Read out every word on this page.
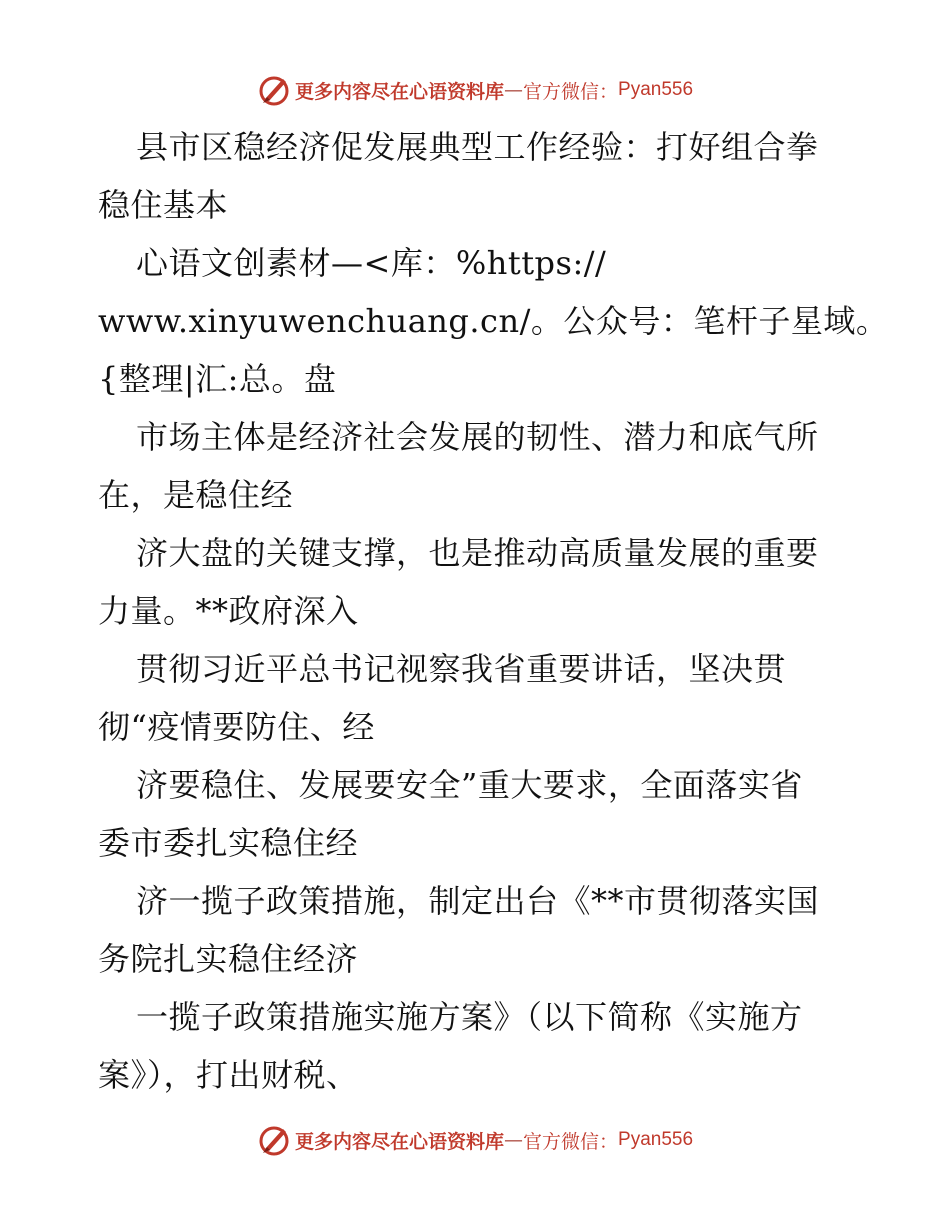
更多内容尽在心语资料库 — 官方微信 ： Pyan556

县市区稳经济促发展典型工作经验：打好组合拳
稳住基本

心语文创素材—<库：%https://
www.xinyuwenchuang.cn/。公众号：笔杆子星域。
{整理|汇:总。盘

市场主体是经济社会发展的韧性、潜力和底气所
在，是稳住经

济大盘的关键支撑，也是推动高质量发展的重要
力量。**政府深入

贯彻习近平总书记视察我省重要讲话，坚决贯
彻“疫情要防住、经

济要稳住、发展要安全”重大要求，全面落实省
委市委扎实稳住经

济一揽子政策措施，制定出台《**市贯彻落实国
务院扎实稳住经济

一揽子政策措施实施方案》（以下简称《实施方
案》），打出财税、

更多内容尽在心语资料库 — 官方微信 ： Pyan556
